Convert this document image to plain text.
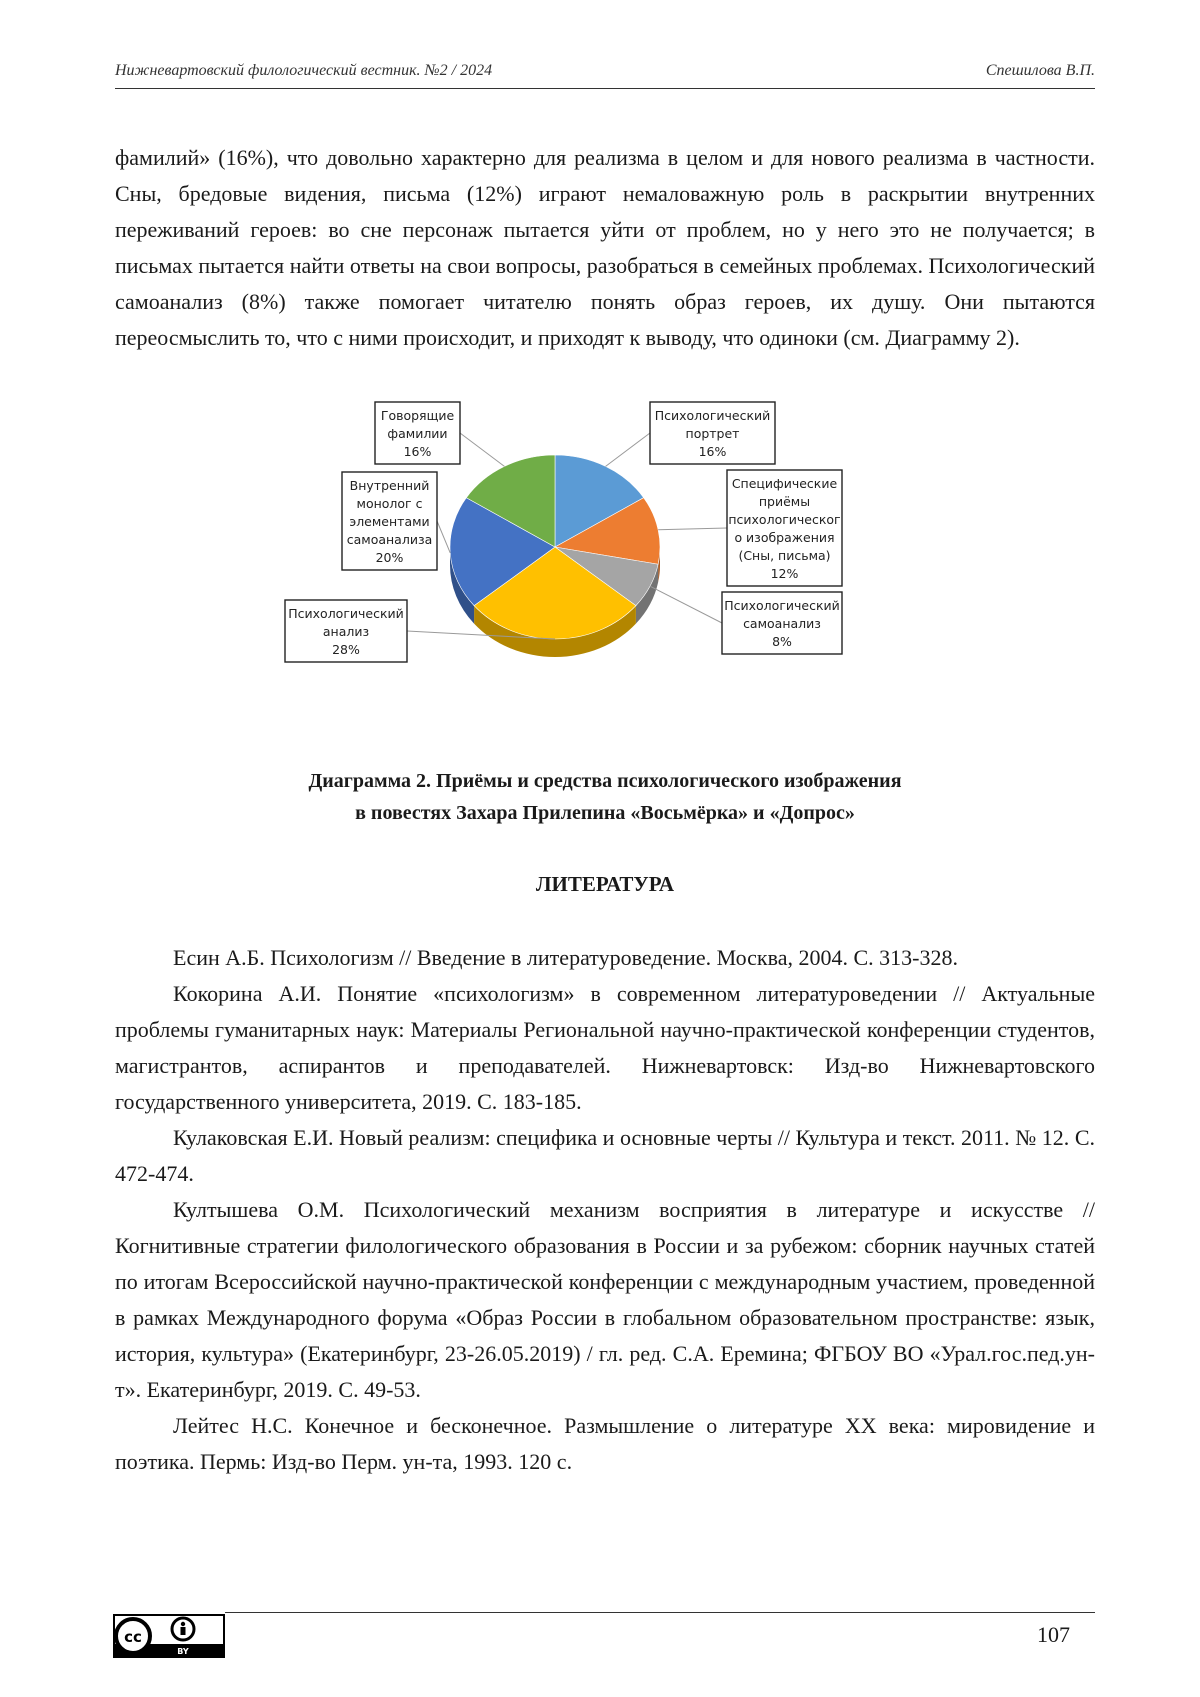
Нижневартовский филологический вестник. №2 / 2024	Спешилова В.П.

фамилий» (16%), что довольно характерно для реализма в целом и для нового реализма в частности. Сны, бредовые видения, письма (12%) играют немаловажную роль в раскрытии внутренних переживаний героев: во сне персонаж пытается уйти от проблем, но у него это не получается; в письмах пытается найти ответы на свои вопросы, разобраться в семейных проблемах. Психологический самоанализ (8%) также помогает читателю понять образ героев, их душу. Они пытаются переосмыслить то, что с ними происходит, и приходят к выводу, что одиноки (см. Диаграмму 2).

Психологический
портрет
16%
Специфические
приёмы
психологическог
о изображения
(Сны, письма)
12%
Психологический
самоанализ
8%
Психологический
анализ
28%
Внутренний
монолог с
элементами
самоанализа
20%
Говорящие
фамилии
16%
Диаграмма 2. Приёмы и средства психологического изображения
в повестях Захара Прилепина «Восьмёрка» и «Допрос»
ЛИТЕРАТУРА

Есин А.Б. Психологизм // Введение в литературоведение. Москва, 2004. С. 313-328.

Кокорина А.И. Понятие «психологизм» в современном литературоведении // Актуальные проблемы гуманитарных наук: Материалы Региональной научно-практической конференции студентов, магистрантов, аспирантов и преподавателей. Нижневартовск: Изд-во Нижневартовского государственного университета, 2019. С. 183-185.

Кулаковская Е.И. Новый реализм: специфика и основные черты // Культура и текст. 2011. № 12. С. 472-474.

Култышева О.М. Психологический механизм восприятия в литературе и искусстве // Когнитивные стратегии филологического образования в России и за рубежом: сборник научных статей по итогам Всероссийской научно-практической конференции с международным участием, проведенной в рамках Международного форума «Образ России в глобальном образовательном пространстве: язык, история, культура» (Екатеринбург, 23-26.05.2019) / гл. ред. С.А. Еремина; ФГБОУ ВО «Урал.гос.пед.ун-т». Екатеринбург, 2019. С. 49-53.

Лейтес Н.С. Конечное и бесконечное. Размышление о литературе XX века: мировидение и поэтика. Пермь: Изд-во Перм. ун-та, 1993. 120 с.

cc
BY
107
